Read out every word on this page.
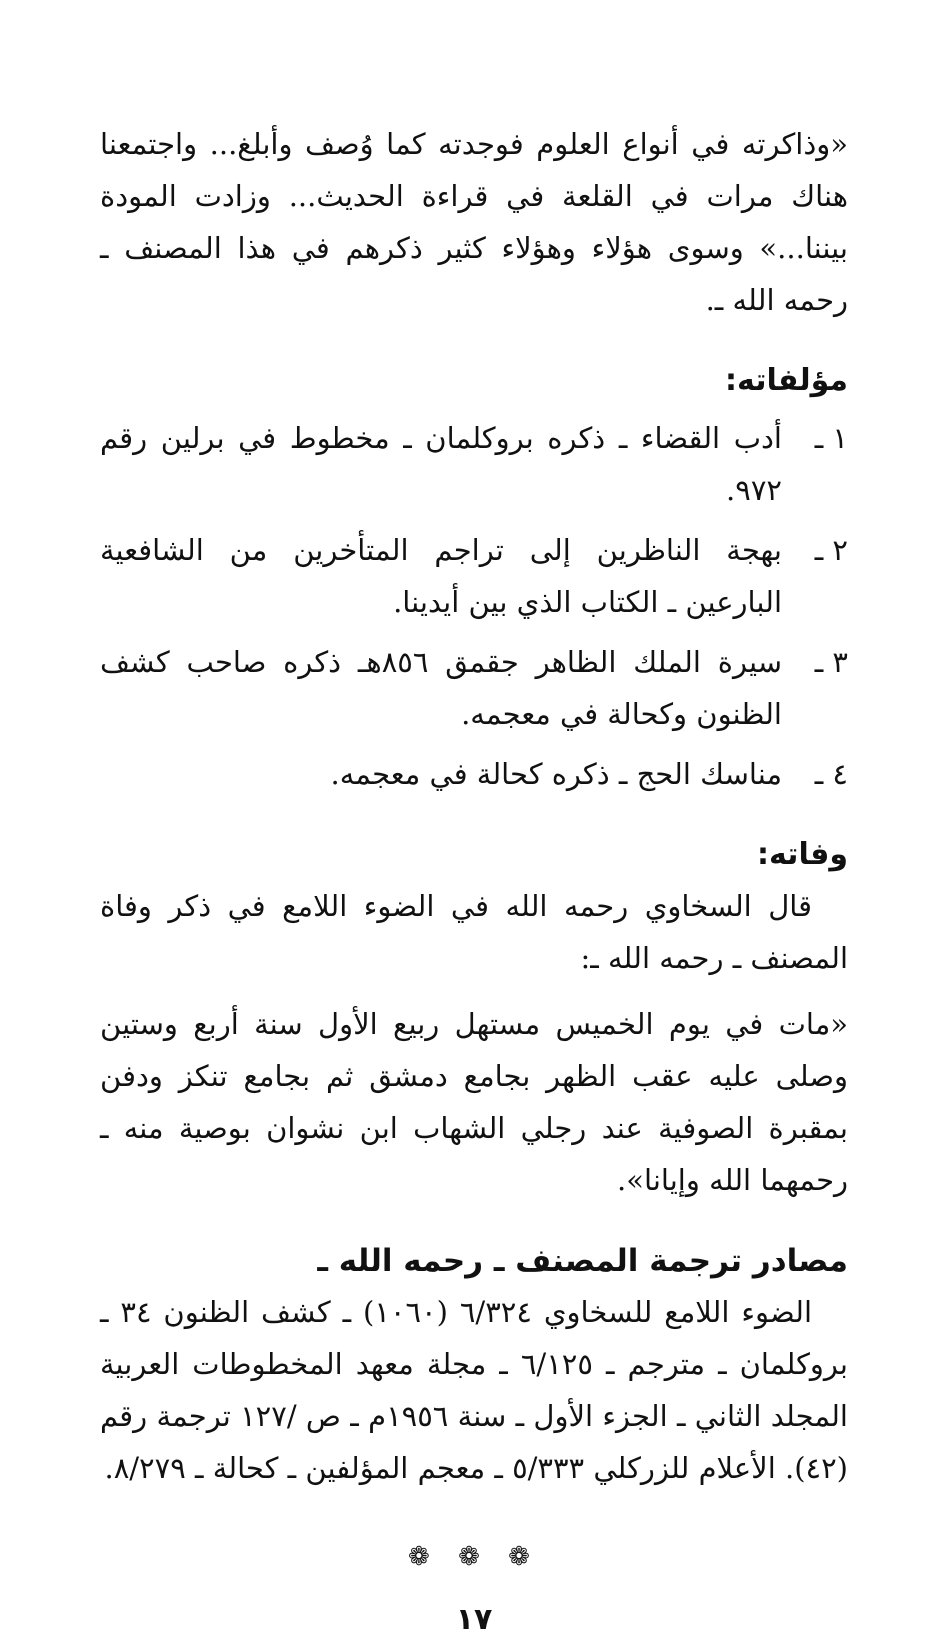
«وذاكرته في أنواع العلوم فوجدته كما وُصف وأبلغ... واجتمعنا هناك مرات في القلعة في قراءة الحديث... وزادت المودة بيننا...» وسوى هؤلاء وهؤلاء كثير ذكرهم في هذا المصنف ـ رحمه الله ـ.

مؤلفاته:
١ ـ
أدب القضاء ـ ذكره بروكلمان ـ مخطوط في برلين رقم ٩٧٢.
٢ ـ
بهجة الناظرين إلى تراجم المتأخرين من الشافعية البارعين ـ الكتاب الذي بين أيدينا.
٣ ـ
سيرة الملك الظاهر جقمق ٨٥٦هـ ذكره صاحب كشف الظنون وكحالة في معجمه.
٤ ـ
مناسك الحج ـ ذكره كحالة في معجمه.
وفاته:

قال السخاوي رحمه الله في الضوء اللامع في ذكر وفاة المصنف ـ رحمه الله ـ:

«مات في يوم الخميس مستهل ربيع الأول سنة أربع وستين وصلى عليه عقب الظهر بجامع دمشق ثم بجامع تنكز ودفن بمقبرة الصوفية عند رجلي الشهاب ابن نشوان بوصية منه ـ رحمهما الله وإيانا».

مصادر ترجمة المصنف ـ رحمه الله ـ

الضوء اللامع للسخاوي ٦/٣٢٤ (١٠٦٠) ـ كشف الظنون ٣٤ ـ بروكلمان ـ مترجم ـ ٦/١٢٥ ـ مجلة معهد المخطوطات العربية المجلد الثاني ـ الجزء الأول ـ سنة ١٩٥٦م ـ ص /١٢٧ ترجمة رقم (٤٢). الأعلام للزركلي ٥/٣٣٣ ـ معجم المؤلفين ـ كحالة ـ ٨/٢٧٩.

❁ ❁ ❁
١٧
